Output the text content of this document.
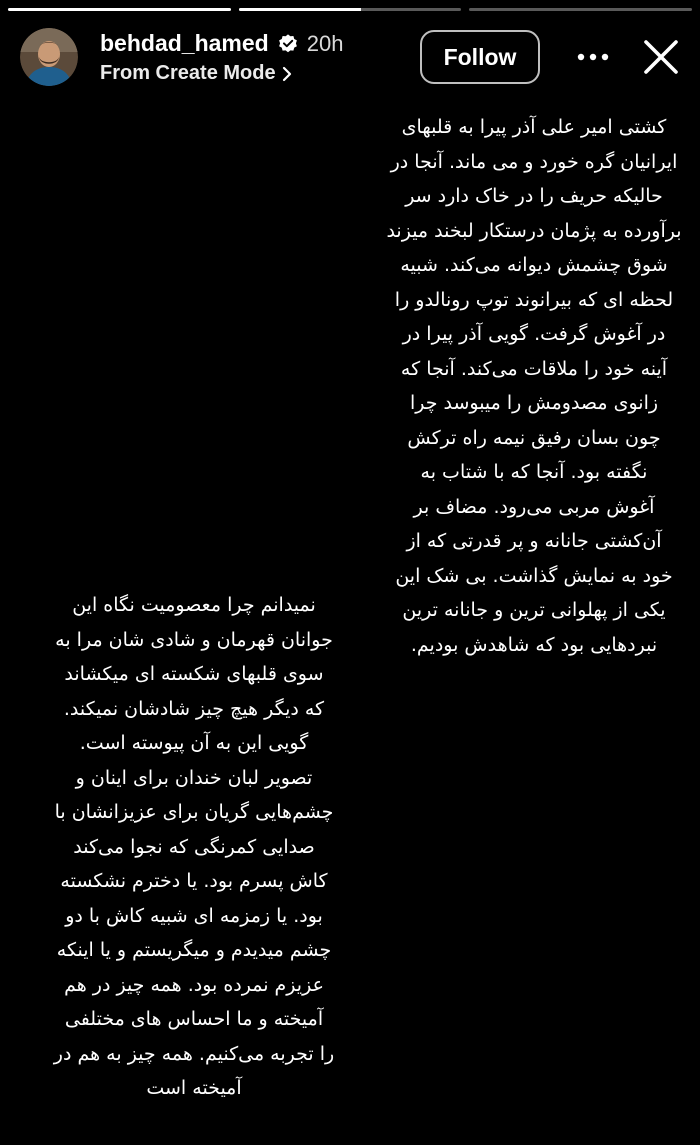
behdad_hamed 20h
From Create Mode
Follow
کشتی امیر علی آذر پیرا به قلبهای
ایرانیان گره خورد و می ماند. آنجا در
حالیکه حریف را در خاک دارد سر
برآورده به پژمان درستکار لبخند میزند
شوق چشمش دیوانه می‌کند. شبیه
لحظه ای که بیرانوند توپ رونالدو را
در آغوش گرفت. گویی آذر پیرا در
آینه خود را ملاقات می‌کند. آنجا که
زانوی مصدومش را میبوسد چرا
چون بسان رفیق نیمه راه ترکش
نگفته بود. آنجا که با شتاب به
آغوش مربی می‌رود. مضاف بر
آن‌کشتی جانانه و پر قدرتی که از
خود به نمایش گذاشت. بی شک این
یکی از پهلوانی ترین و جانانه ترین
نبردهایی بود که شاهدش بودیم.
نمیدانم چرا معصومیت نگاه این
جوانان قهرمان و شادی شان مرا به
سوی قلبهای شکسته ای میکشاند
که دیگر هیچ چیز شادشان نمیکند.
گویی این به آن پیوسته است.
تصویر لبان خندان برای اینان و
چشم‌هایی گریان برای عزیزانشان با
صدایی کمرنگی که نجوا می‌کند
کاش پسرم بود. یا دخترم نشکسته
بود. یا زمزمه ای شبیه کاش با دو
چشم میدیدم و میگریستم و یا اینکه
عزیزم نمرده بود. همه چیز در هم
آمیخته و ما احساس های مختلفی
را تجربه می‌کنیم. همه چیز به هم در
آمیخته است
